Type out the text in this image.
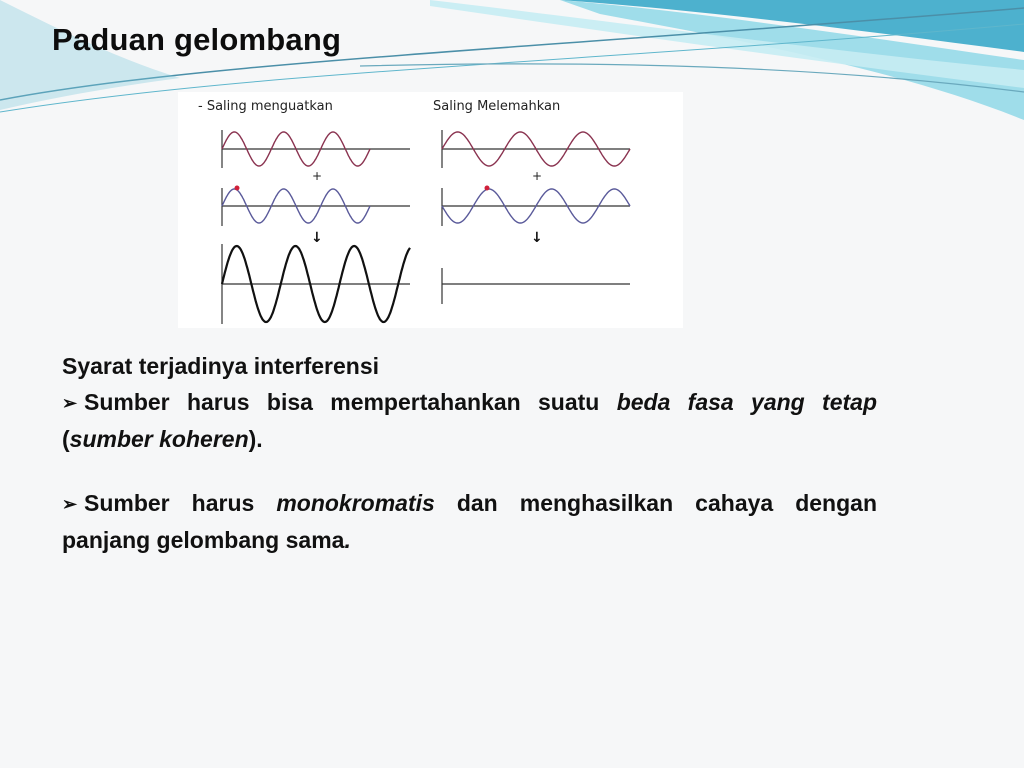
Paduan gelombang
- Saling menguatkan	Saling Melemahkan
+	+
↓	↓

Syarat terjadinya interferensi

➢ Sumber harus bisa mempertahankan suatu beda fasa yang tetap (sumber koheren).

➢ Sumber harus monokromatis dan menghasilkan cahaya dengan panjang gelombang sama.
